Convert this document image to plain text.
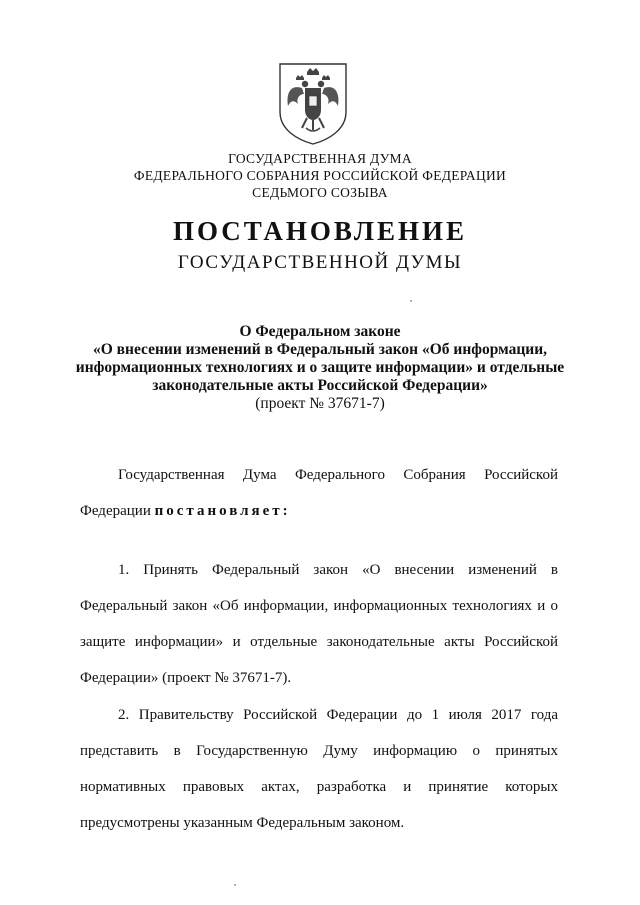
ГОСУДАРСТВЕННАЯ ДУМА
ФЕДЕРАЛЬНОГО СОБРАНИЯ РОССИЙСКОЙ ФЕДЕРАЦИИ
СЕДЬМОГО СОЗЫВА
ПОСТАНОВЛЕНИЕ
ГОСУДАРСТВЕННОЙ ДУМЫ
О Федеральном законе
«О внесении изменений в Федеральный закон «Об информации,
информационных технологиях и о защите информации» и отдельные
законодательные акты Российской Федерации»
(проект № 37671-7)
Государственная Дума Федерального Собрания Российской
Федерации постановляет:
1. Принять Федеральный закон «О внесении изменений в
Федеральный закон «Об информации, информационных технологиях и о
защите информации» и отдельные законодательные акты Российской
Федерации» (проект № 37671-7).
2. Правительству Российской Федерации до 1 июля 2017 года
представить в Государственную Думу информацию о принятых
нормативных правовых актах, разработка и принятие которых
предусмотрены указанным Федеральным законом.
